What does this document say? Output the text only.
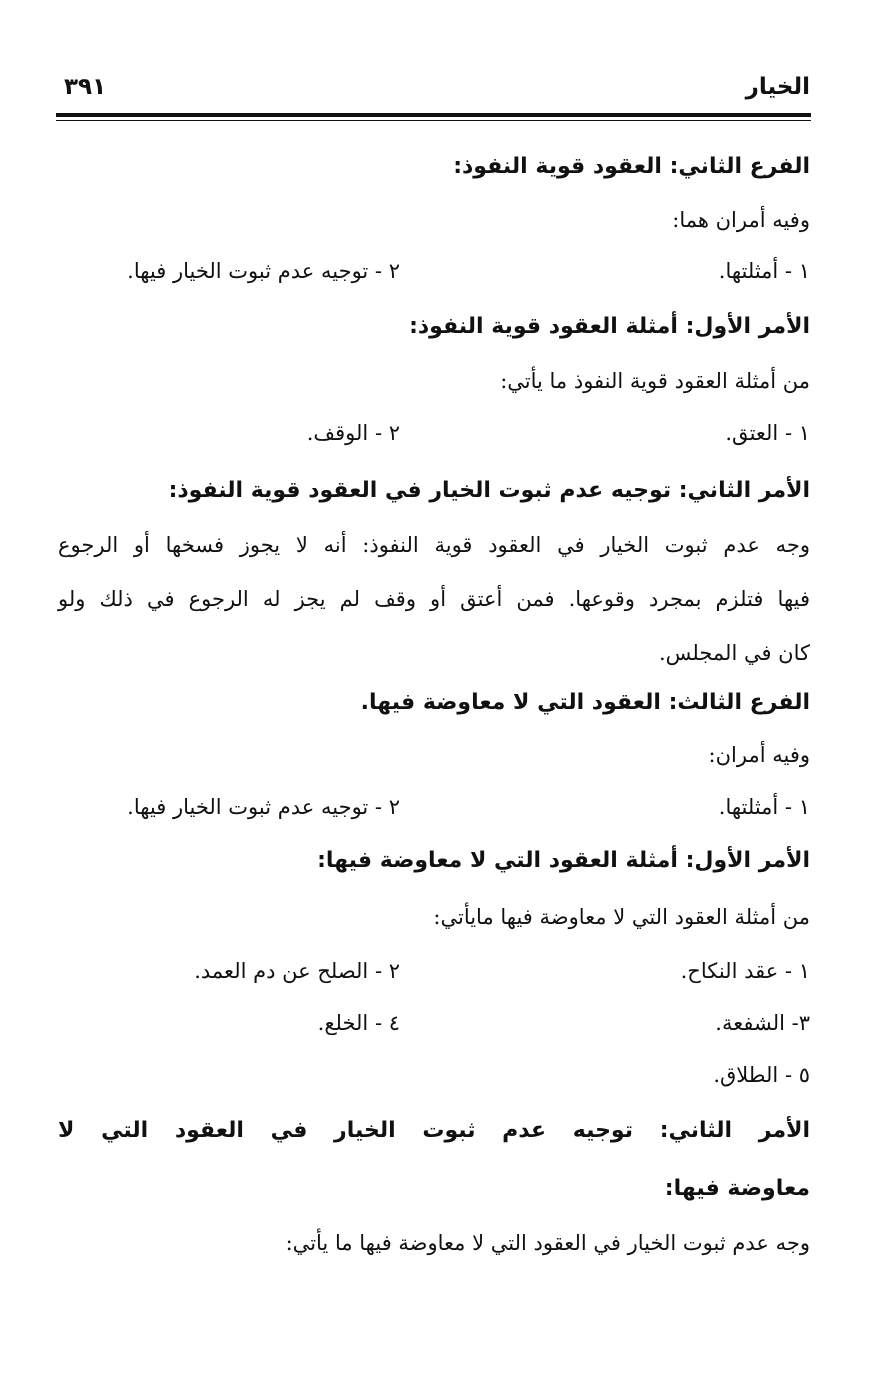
الخيار
٣٩١
الفرع الثاني: العقود قوية النفوذ:
وفيه أمران هما:
١ - أمثلتها.
٢ - توجيه عدم ثبوت الخيار فيها.
الأمر الأول: أمثلة العقود قوية النفوذ:
من أمثلة العقود قوية النفوذ ما يأتي:
١ - العتق.
٢ - الوقف.
الأمر الثاني: توجيه عدم ثبوت الخيار في العقود قوية النفوذ:
وجه عدم ثبوت الخيار في العقود قوية النفوذ: أنه لا يجوز فسخها أو الرجوع
فيها فتلزم بمجرد وقوعها. فمن أعتق أو وقف لم يجز له الرجوع في ذلك ولو
كان في المجلس.
الفرع الثالث: العقود التي لا معاوضة فيها.
وفيه أمران:
١ - أمثلتها.
٢ - توجيه عدم ثبوت الخيار فيها.
الأمر الأول: أمثلة العقود التي لا معاوضة فيها:
من أمثلة العقود التي لا معاوضة فيها مايأتي:
١ - عقد النكاح.
٢ - الصلح عن دم العمد.
٣- الشفعة.
٤ - الخلع.
٥ - الطلاق.
الأمر الثاني: توجيه عدم ثبوت الخيار في العقود التي لا
معاوضة فيها:
وجه عدم ثبوت الخيار في العقود التي لا معاوضة فيها ما يأتي:
